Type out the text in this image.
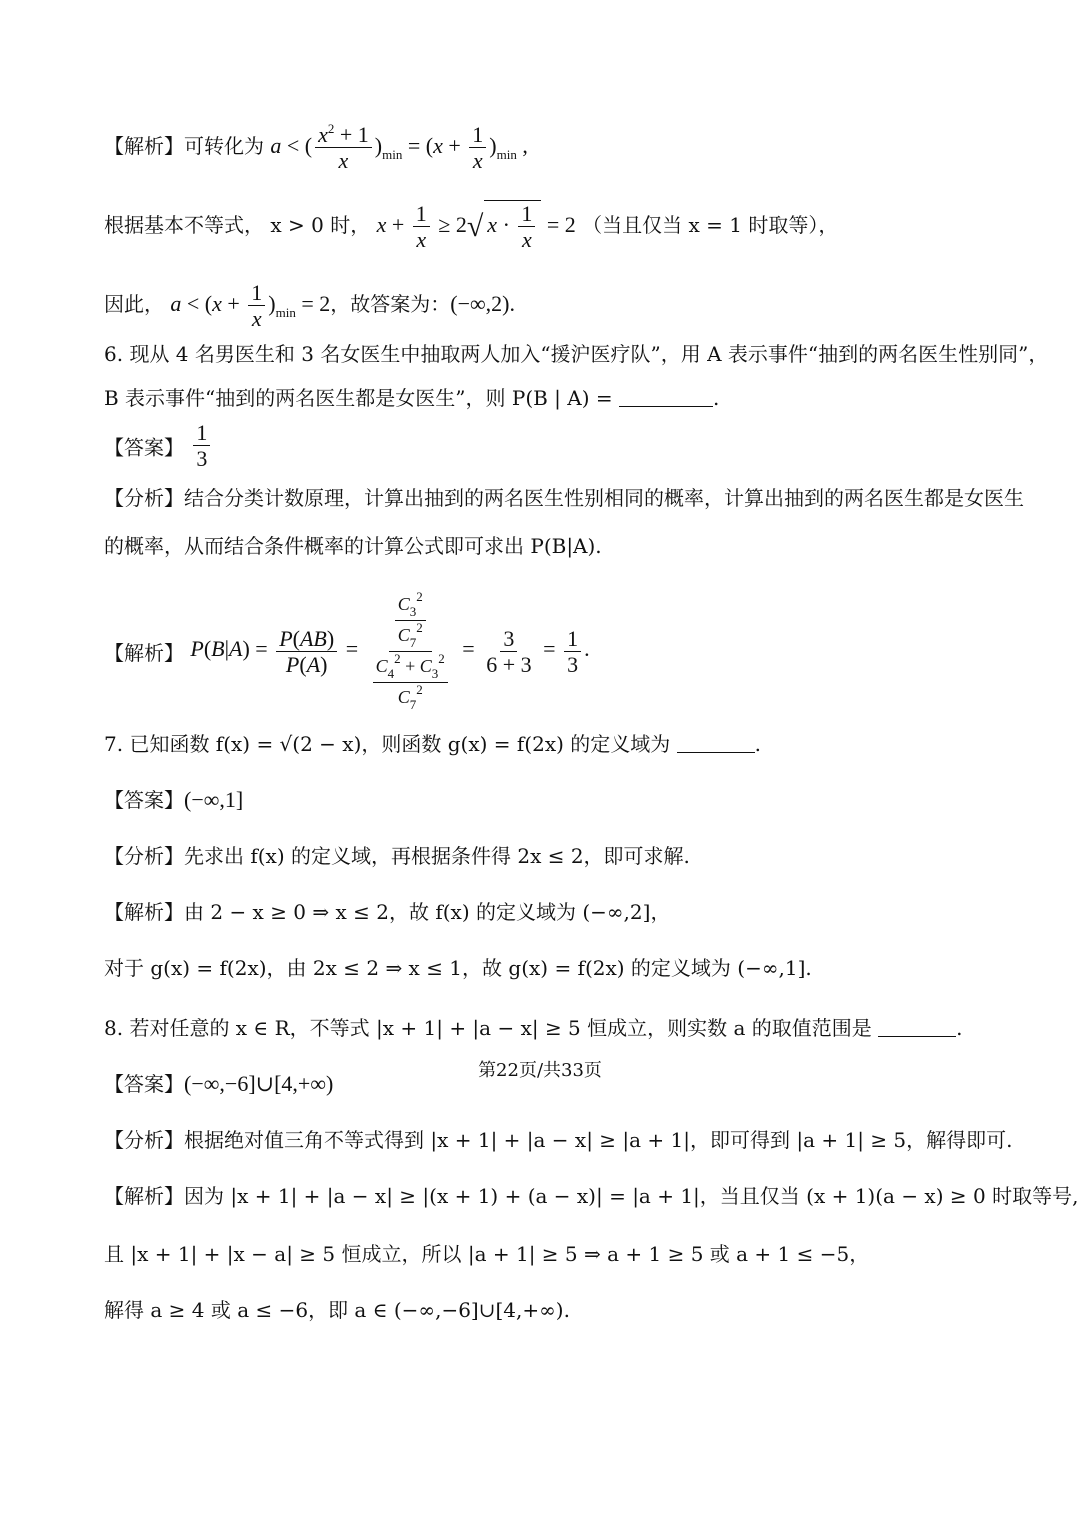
【解析】可转化为 a < ( $\frac{x^2 + 1}{x} )_{min} = (x + \frac{1}{x} )_{min}$ ,
根据基本不等式， x > 0 时， $x + \frac{1}{x} \ge 2√$ $x \cdot \frac{1}{x} = 2$ （当且仅当 x = 1 时取等），
因此， $a < (x + \frac{1}{x} )_{min} = 2$，故答案为：(−∞,2).
6. 现从 4 名男医生和 3 名女医生中抽取两人加入“援沪医疗队”，用 A 表示事件“抽到的两名医生性别同”，
B 表示事件“抽到的两名医生都是女医生”，则 P(B | A) =	.
【答案】 $\frac{1}{3}$
【分析】结合分类计数原理，计算出抽到的两名医生性别相同的概率，计算出抽到的两名医生都是女医生
的概率，从而结合条件概率的计算公式即可求出 P(B|A).
【解析】 $P(B|A) = \frac{P(AB)}{P(A)} = \frac{\frac{C_3^2}{C_7^2}}{\frac{C_4^2 + C_3^2}{C_7^2}} = \frac{3}{6 + 3} = \frac{1}{3}$ .
7. 已知函数 f(x) = √(2 − x)，则函数 g(x) = f(2x) 的定义域为	.
【答案】(−∞,1]
【分析】先求出 f(x) 的定义域，再根据条件得 2x ≤ 2，即可求解.
【解析】由 2 − x ≥ 0 ⇒ x ≤ 2，故 f(x) 的定义域为 (−∞,2]，
对于 g(x) = f(2x)，由 2x ≤ 2 ⇒ x ≤ 1，故 g(x) = f(2x) 的定义域为 (−∞,1].
8. 若对任意的 x ∈ R，不等式 |x + 1| + |a − x| ≥ 5 恒成立，则实数 a 的取值范围是	.
【答案】(−∞,−6]∪[4,+∞)
【分析】根据绝对值三角不等式得到 |x + 1| + |a − x| ≥ |a + 1|，即可得到 |a + 1| ≥ 5，解得即可.
【解析】因为 |x + 1| + |a − x| ≥ |(x + 1) + (a − x)| = |a + 1|，当且仅当 (x + 1)(a − x) ≥ 0 时取等号,
且 |x + 1| + |x − a| ≥ 5 恒成立，所以 |a + 1| ≥ 5 ⇒ a + 1 ≥ 5 或 a + 1 ≤ −5，
解得 a ≥ 4 或 a ≤ −6，即 a ∈ (−∞,−6]∪[4,+∞).
第22页/共33页
